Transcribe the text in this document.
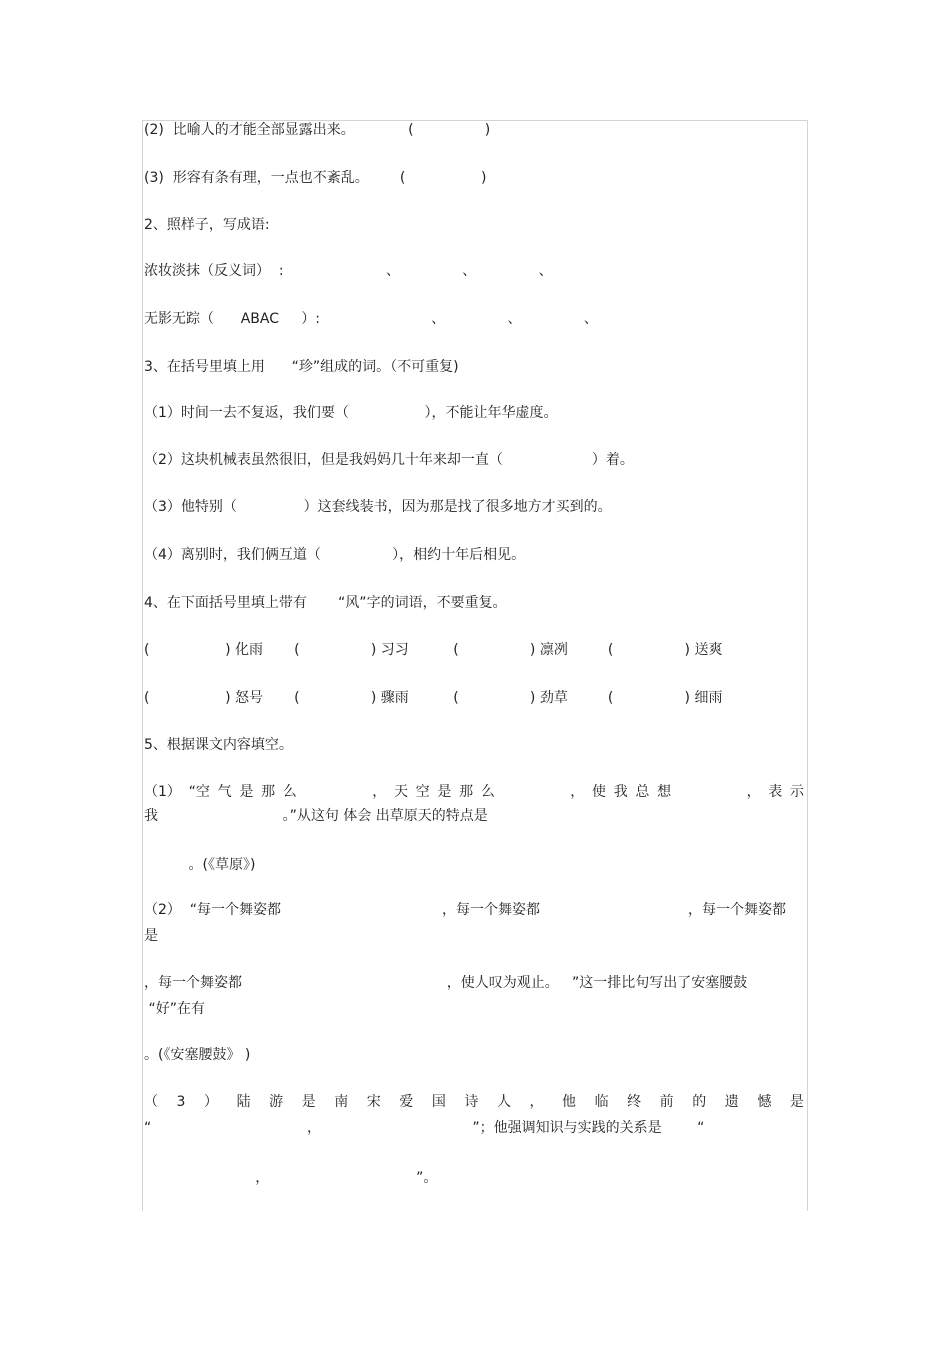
(2)  比喻人的才能全部显露出来。            (                )
(3)  形容有条有理，一点也不紊乱。       (                 )
2、照样子，写成语:
浓妆淡抹（反义词）  :                       、              、              、
无影无踪（      ABAC     ）:                         、              、              、
3、在括号里填上用      “珍”组成的词。（不可重复)
（1）时间一去不复返，我们要（                 ），不能让年华虚度。
（2）这块机械表虽然很旧，但是我妈妈几十年来却一直（                    ）着。
（3）他特别（               ）这套线装书，因为那是找了很多地方才买到的。
（4）离别时，我们俩互道（                ），相约十年后相见。
4、在下面括号里填上带有       “风”字的词语，不要重复。
(                 ) 化雨       (                ) 习习          (                ) 凛冽         (                ) 送爽
(                 ) 怒号       (                ) 骤雨          (                ) 劲草         (                ) 细雨
5、根据课文内容填空。
（1） “空 气 是 那 么	， 天 空 是 那 么	， 使 我 总 想	， 表 示
我                            。”从这句 体会 出草原天的特点是
。(《草原》)
（2）  “每一个舞姿都	，每一个舞姿都	，每一个舞姿都
是
，每一个舞姿都                                              ，使人叹为观止。   ”这一排比句写出了安塞腰鼓
“好”在有
。(《安塞腰鼓》 )
（ 3 ） 陆 游 是 南 宋 爱 国 诗 人 ， 他 临 终 前 的 遗 憾 是
“                                   ，                                  ”；他强调知识与实践的关系是        “
，                                 ”。
